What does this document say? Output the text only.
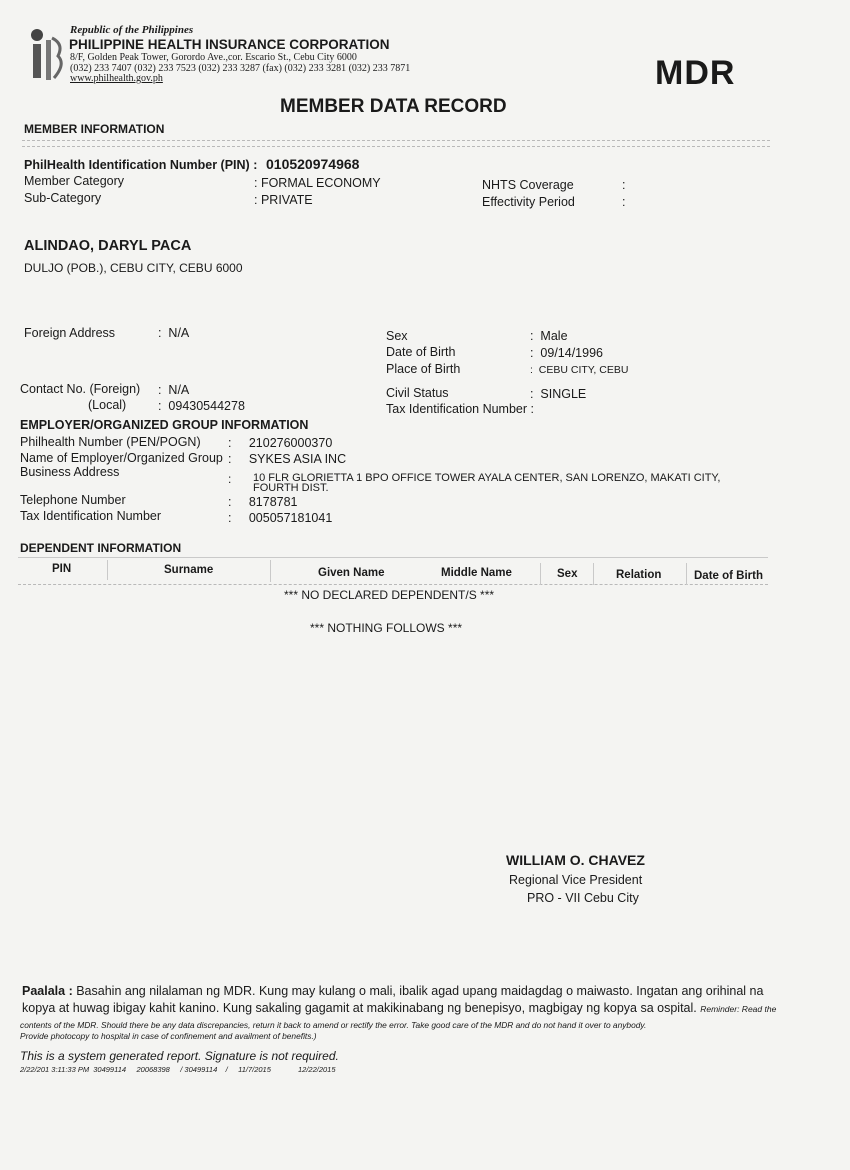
Republic of the Philippines
PHILIPPINE HEALTH INSURANCE CORPORATION
8/F, Golden Peak Tower, Gorordo Ave.,cor. Escario St., Cebu City 6000
(032) 233 7407 (032) 233 7523 (032) 233 3287 (fax) (032) 233 3281 (032) 233 7871
www.philhealth.gov.ph	MDR
MEMBER DATA RECORD
MEMBER INFORMATION
PhilHealth Identification Number (PIN) : 010520974968
Member Category	: FORMAL ECONOMY
Sub-Category	: PRIVATE
NHTS Coverage	:
Effectivity Period	:
ALINDAO, DARYL PACA
DULJO (POB.), CEBU CITY, CEBU 6000
Foreign Address	:  N/A	Sex	:  Male
Date of Birth	:  09/14/1996
Place of Birth	:  CEBU CITY, CEBU
Contact No. (Foreign) :  N/A
(Local)	:  09430544278
Civil Status	:  SINGLE
Tax Identification Number :
EMPLOYER/ORGANIZED GROUP INFORMATION
Philhealth Number (PEN/POGN) :     210276000370
Name of Employer/Organized Group :     SYKES ASIA INC
Business Address	: 10 FLR GLORIETTA 1 BPO OFFICE TOWER AYALA CENTER, SAN LORENZO, MAKATI CITY,
FOURTH DIST.
Telephone Number	:     8178781
Tax Identification Number	:     005057181041
DEPENDENT INFORMATION
PIN	Surname	Given Name	Middle Name	Sex	Relation	Date of Birth
*** NO DECLARED DEPENDENT/S ***
*** NOTHING FOLLOWS ***
WILLIAM O. CHAVEZ
Regional Vice President
PRO - VII Cebu City
Paalala : Basahin ang nilalaman ng MDR. Kung may kulang o mali, ibalik agad upang maidagdag o maiwasto. Ingatan ang orihinal na
kopya at huwag ibigay kahit kanino. Kung sakaling gagamit at makikinabang ng benepisyo, magbigay ng kopya sa ospital. Reminder: Read the
contents of the MDR. Should there be any data discrepancies, return it back to amend or rectify the error. Take good care of the MDR and do not hand it over to anybody.
Provide photocopy to hospital in case of confinement and availment of benefits.)
This is a system generated report. Signature is not required.
2/22/201 3:11:33 PM  30499114     20068398     / 30499114    /     11/7/2015             12/22/2015
